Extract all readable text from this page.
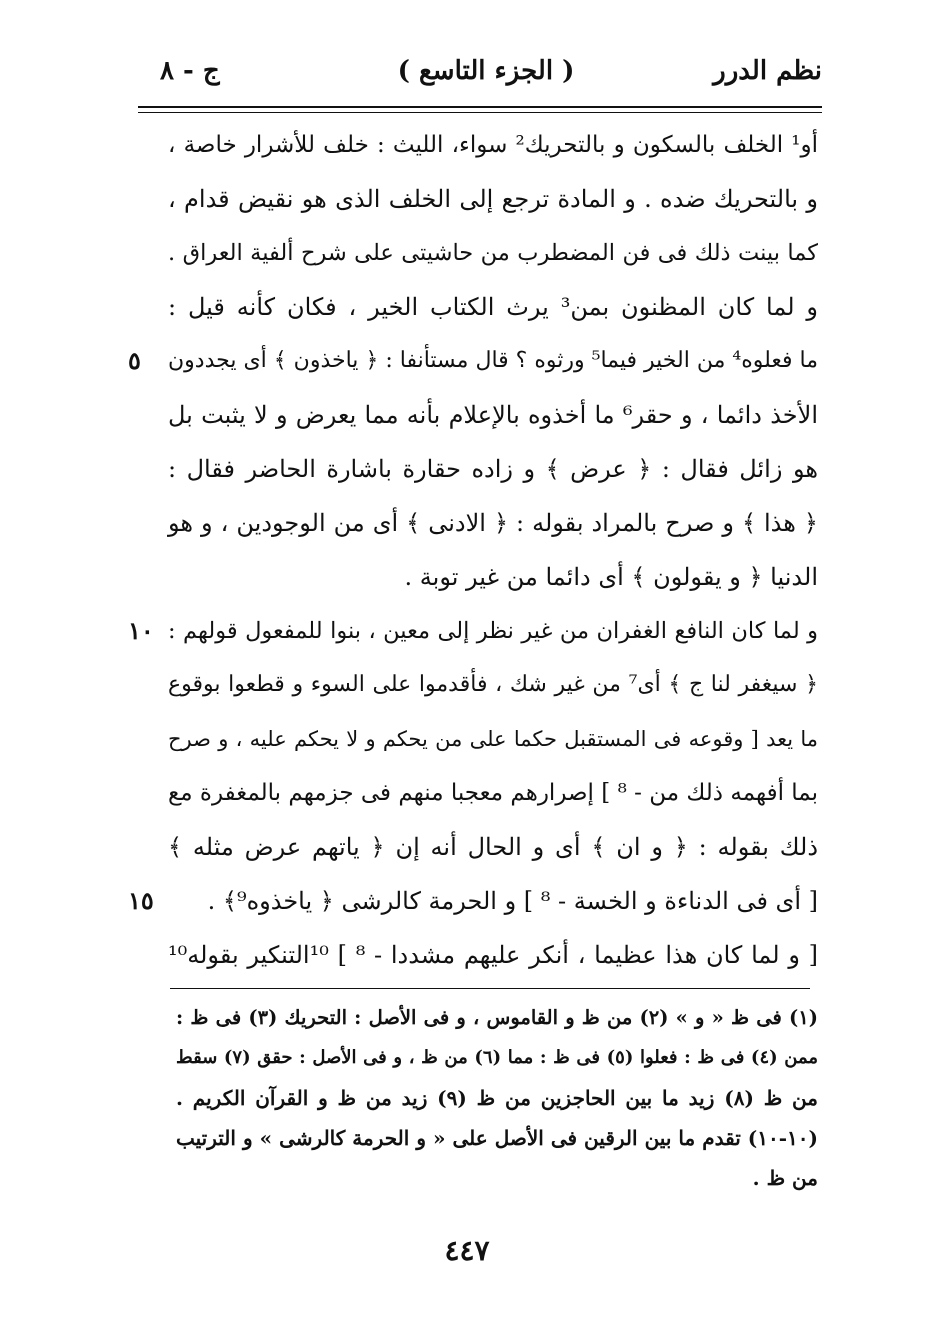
نظم الدرر
( الجزء التاسع )
ج - ٨
أو¹ الخلف بالسكون و بالتحريك² سواء، الليث : خلف للأشرار خاصة ،
و بالتحريك ضده . و المادة ترجع إلى الخلف الذى هو نقيض قدام ،
كما بينت ذلك فى فن المضطرب من حاشيتى على شرح ألفية العراق .
و لما كان المظنون بمن³ يرث الكتاب الخير ، فكان كأنه قيل :
ما فعلوه⁴ من الخير فيما⁵ ورثوه ؟ قال مستأنفا : ﴿ ياخذون ﴾ أى يجددون
٥
الأخذ دائما ، و حقر⁶ ما أخذوه بالإعلام بأنه مما يعرض و لا يثبت بل
هو زائل فقال : ﴿ عرض ﴾ و زاده حقارة باشارة الحاضر فقال :
﴿ هذا ﴾ و صرح بالمراد بقوله : ﴿ الادنى ﴾ أى من الوجودين ، و هو
الدنيا ﴿ و يقولون ﴾ أى دائما من غير توبة .
و لما كان النافع الغفران من غير نظر إلى معين ، بنوا للمفعول قولهم :
١٠
﴿ سيغفر لنا ج ﴾ أى⁷ من غير شك ، فأقدموا على السوء و قطعوا بوقوع
ما يعد [ وقوعه فى المستقبل حكما على من يحكم و لا يحكم عليه ، و صرح
بما أفهمه ذلك من - ⁸ ] إصرارهم معجبا منهم فى جزمهم بالمغفرة مع
ذلك بقوله : ﴿ و ان ﴾ أى و الحال أنه إن ﴿ ياتهم عرض مثله ﴾
[ أى فى الدناءة و الخسة - ⁸ ] و الحرمة كالرشى ﴿ ياخذوه⁹﴾ .
١٥
[ و لما كان هذا عظيما ، أنكر عليهم مشددا - ⁸ ] ¹⁰التنكير بقوله¹⁰
(١) فى ظ « و » (٢) من ظ و القاموس ، و فى الأصل : التحريك (٣) فى ظ :
ممن (٤) فى ظ : فعلوا (٥) فى ظ : مما (٦) من ظ ، و فى الأصل : حقق (٧) سقط
من ظ (٨) زيد ما بين الحاجزين من ظ (٩) زيد من ظ و القرآن الكريم .
(١٠-١٠) تقدم ما بين الرقين فى الأصل على « و الحرمة كالرشى » و الترتيب
من ظ .
٤٤٧
